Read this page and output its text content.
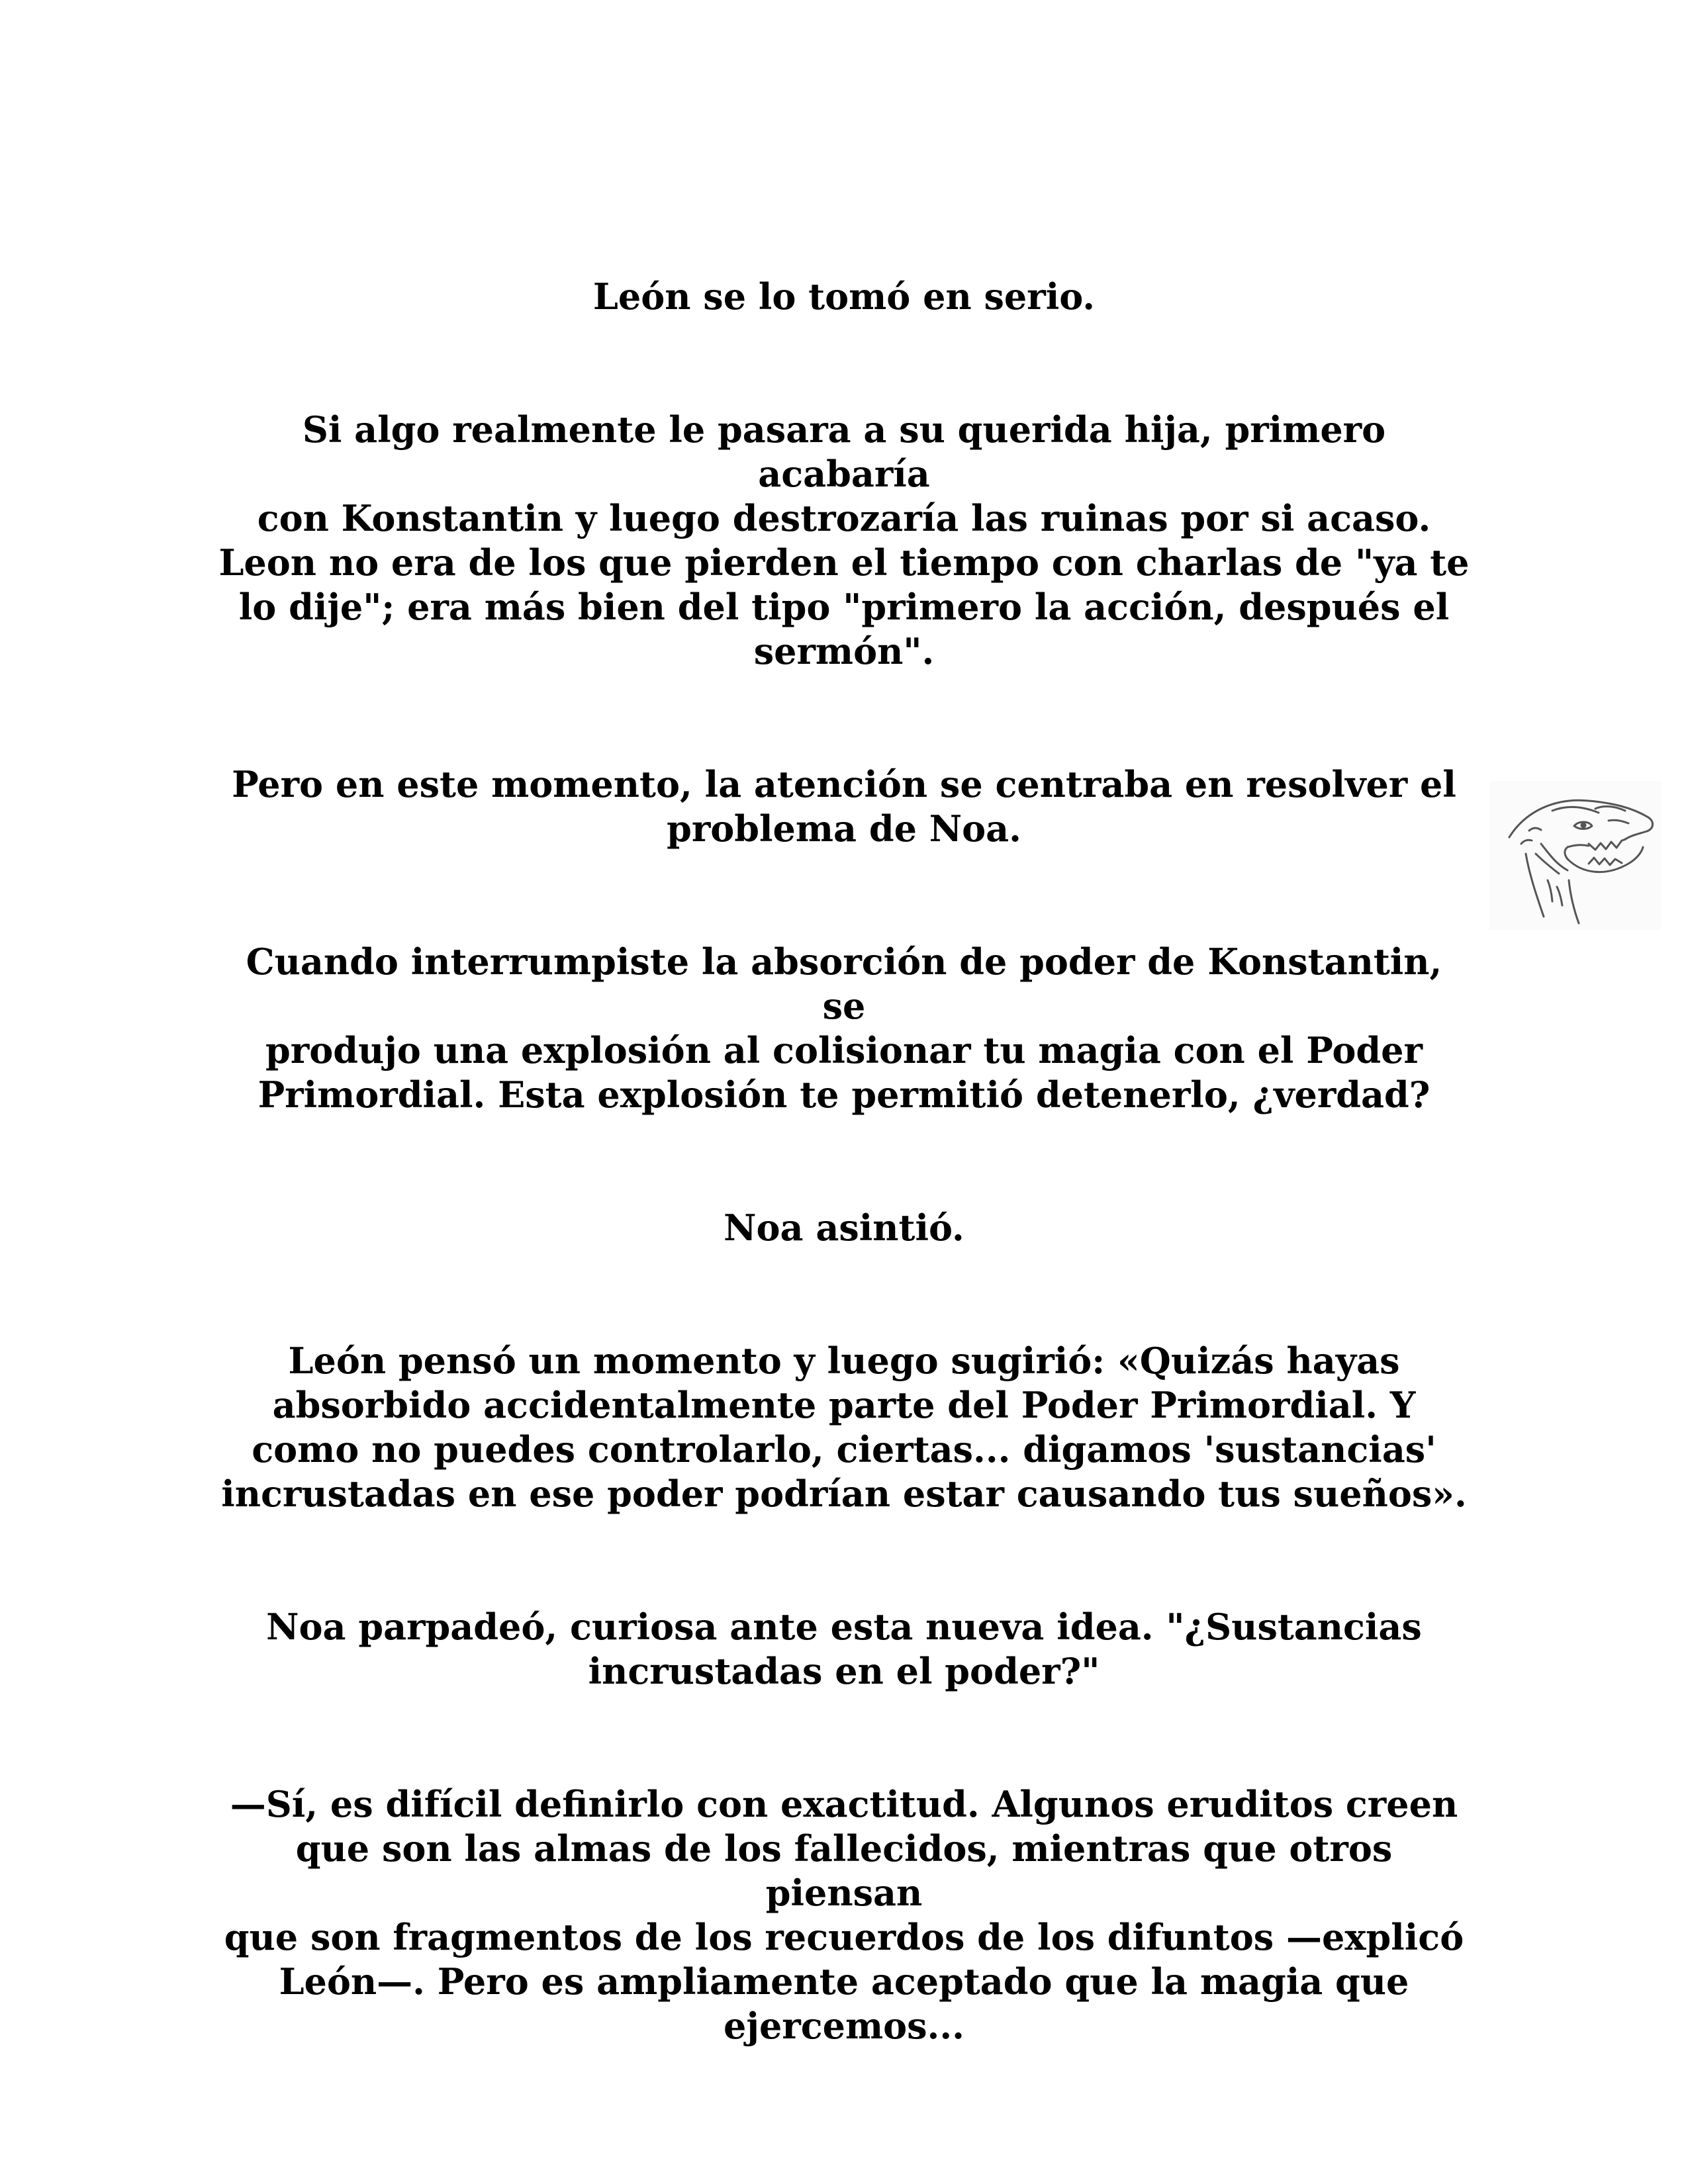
León se lo tomó en serio.

Si algo realmente le pasara a su querida hija, primero acabaría
con Konstantin y luego destrozaría las ruinas por si acaso.
Leon no era de los que pierden el tiempo con charlas de "ya te
lo dije"; era más bien del tipo "primero la acción, después el
sermón".

Pero en este momento, la atención se centraba en resolver el
problema de Noa.

Cuando interrumpiste la absorción de poder de Konstantin, se
produjo una explosión al colisionar tu magia con el Poder
Primordial. Esta explosión te permitió detenerlo, ¿verdad?

Noa asintió.

León pensó un momento y luego sugirió: «Quizás hayas
absorbido accidentalmente parte del Poder Primordial. Y
como no puedes controlarlo, ciertas... digamos 'sustancias'
incrustadas en ese poder podrían estar causando tus sueños».

Noa parpadeó, curiosa ante esta nueva idea. "¿Sustancias
incrustadas en el poder?"

—Sí, es difícil definirlo con exactitud. Algunos eruditos creen
que son las almas de los fallecidos, mientras que otros piensan
que son fragmentos de los recuerdos de los difuntos —explicó
León—. Pero es ampliamente aceptado que la magia que
ejercemos...
